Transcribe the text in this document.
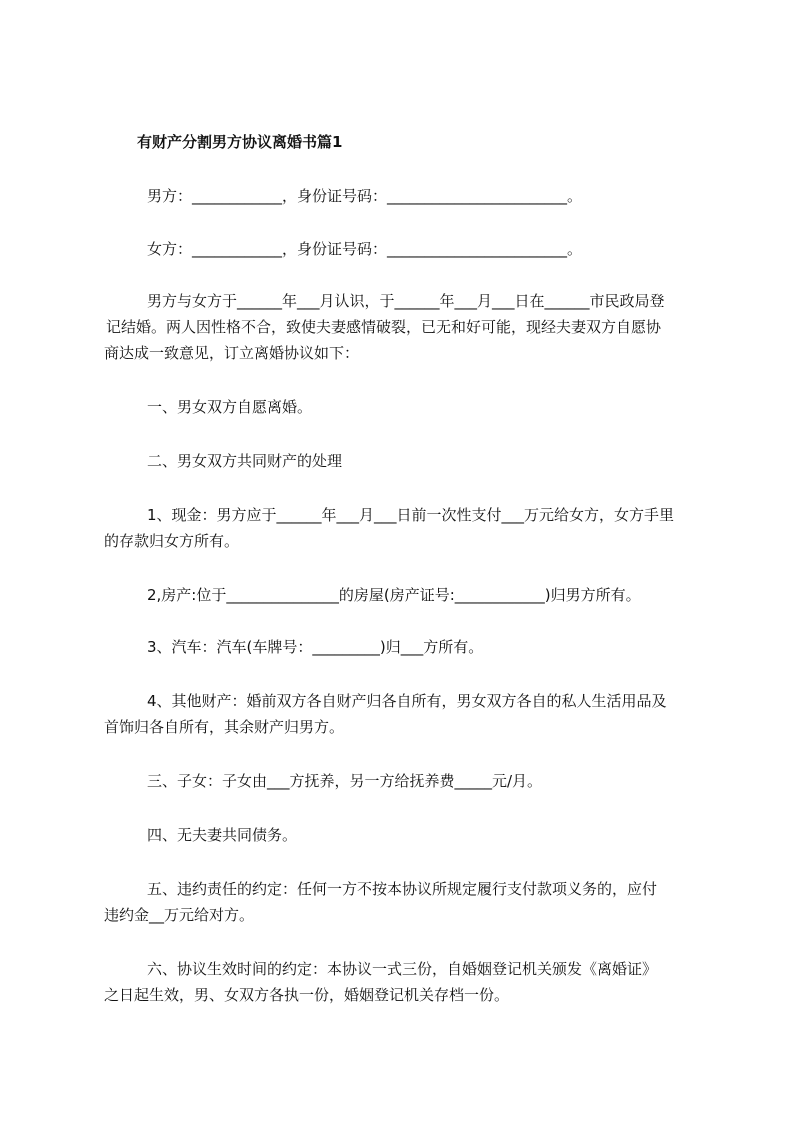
有财产分割男方协议离婚书篇1

男方：____________，身份证号码：________________________。

女方：____________，身份证号码：________________________。

男方与女方于______年___月认识，于______年___月___日在______市民政局登

记结婚。两人因性格不合，致使夫妻感情破裂，已无和好可能，现经夫妻双方自愿协

商达成一致意见，订立离婚协议如下：

一、男女双方自愿离婚。

二、男女双方共同财产的处理

1、现金：男方应于______年___月___日前一次性支付___万元给女方，女方手里

的存款归女方所有。

2,房产:位于_______________的房屋(房产证号:____________)归男方所有。

3、汽车：汽车(车牌号：_________)归___方所有。

4、其他财产：婚前双方各自财产归各自所有，男女双方各自的私人生活用品及

首饰归各自所有，其余财产归男方。

三、子女：子女由___方抚养，另一方给抚养费_____元/月。

四、无夫妻共同债务。

五、违约责任的约定：任何一方不按本协议所规定履行支付款项义务的，应付

违约金__万元给对方。

六、协议生效时间的约定：本协议一式三份，自婚姻登记机关颁发《离婚证》

之日起生效，男、女双方各执一份，婚姻登记机关存档一份。
